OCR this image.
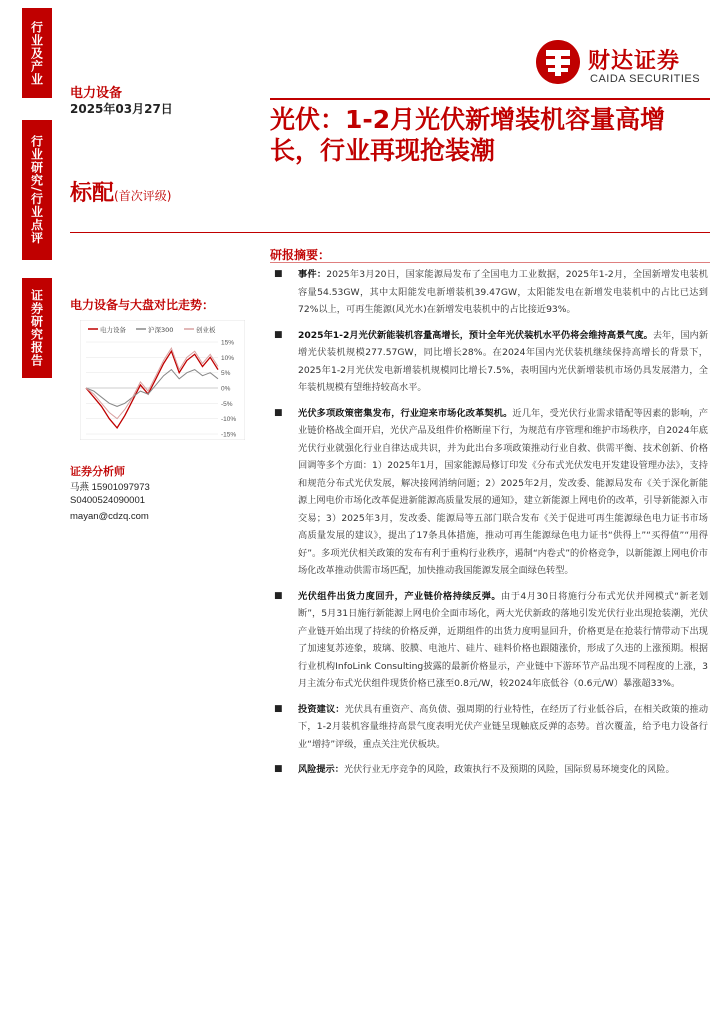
行业及产业
行业研究/行业点评
证券研究报告
财达证券
CAIDA SECURITIES
电力设备
2025年03月27日	光伏：1-2月光伏新增装机容量高增长，行业再现抢装潮
标配(首次评级)
研报摘要：
电力设备与大盘对比走势：
电力设备	沪深300	创业板
15%
10%
5%
0%
-5%
-10%
-15%
证券分析师
马燕 15901097973
S0400524090001
mayan@cdzq.com
■ 事件：2025年3月20日，国家能源局发布了全国电力工业数据，2025年1-2月，全国新增发电装机容量54.53GW，其中太阳能发电新增装机39.47GW，太阳能发电在新增发电装机中的占比已达到72%以上，可再生能源(风光水)在新增发电装机中的占比接近93%。
■ 2025年1-2月光伏新能装机容量高增长，预计全年光伏装机水平仍将会维持高景气度。去年，国内新增光伏装机规模277.57GW，同比增长28%。在2024年国内光伏装机继续保持高增长的背景下，2025年1-2月光伏发电新增装机规模同比增长7.5%，表明国内光伏新增装机市场仍具发展潜力，全年装机规模有望维持较高水平。
■ 光伏多项政策密集发布，行业迎来市场化改革契机。近几年，受光伏行业需求错配等因素的影响，产业链价格战全面开启，光伏产品及组件价格断崖下行，为规范有序管理和维护市场秩序，自2024年底光伏行业就强化行业自律达成共识，并为此出台多项政策推动行业自救、供需平衡、技术创新、价格回调等多个方面：1）2025年1月，国家能源局修订印发《分布式光伏发电开发建设管理办法》，支持和规范分布式光伏发展，解决接网消纳问题；2）2025年2月，发改委、能源局发布《关于深化新能源上网电价市场化改革促进新能源高质量发展的通知》，建立新能源上网电价的改革，引导新能源入市交易；3）2025年3月，发改委、能源局等五部门联合发布《关于促进可再生能源绿色电力证书市场高质量发展的建议》，提出了17条具体措施，推动可再生能源绿色电力证书“供得上”“买得值”“用得好”。多项光伏相关政策的发布有利于重构行业秩序，遏制“内卷式”的价格竞争，以新能源上网电价市场化改革推动供需市场匹配，加快推动我国能源发展全面绿色转型。
■ 光伏组件出货力度回升，产业链价格持续反弹。由于4月30日将施行分布式光伏并网模式“新老划断”，5月31日施行新能源上网电价全面市场化，两大光伏新政的落地引发光伏行业出现抢装潮，光伏产业链开始出现了持续的价格反弹，近期组件的出货力度明显回升，价格更是在抢装行情带动下出现了加速复苏迹象，玻璃、胶膜、电池片、硅片、硅料价格也跟随涨价，形成了久违的上涨预期。根据行业机构InfoLink Consulting披露的最新价格显示，产业链中下游环节产品出现不同程度的上涨，3月主流分布式光伏组件现货价格已涨至0.8元/W，较2024年底低谷（0.6元/W）暴涨超33%。
■ 投资建议：光伏具有重资产、高负债、强周期的行业特性，在经历了行业低谷后，在相关政策的推动下，1-2月装机容量维持高景气度表明光伏产业链呈现触底反弹的态势。首次覆盖，给予电力设备行业“增持”评级，重点关注光伏板块。
■ 风险提示：光伏行业无序竞争的风险，政策执行不及预期的风险，国际贸易环境变化的风险。
